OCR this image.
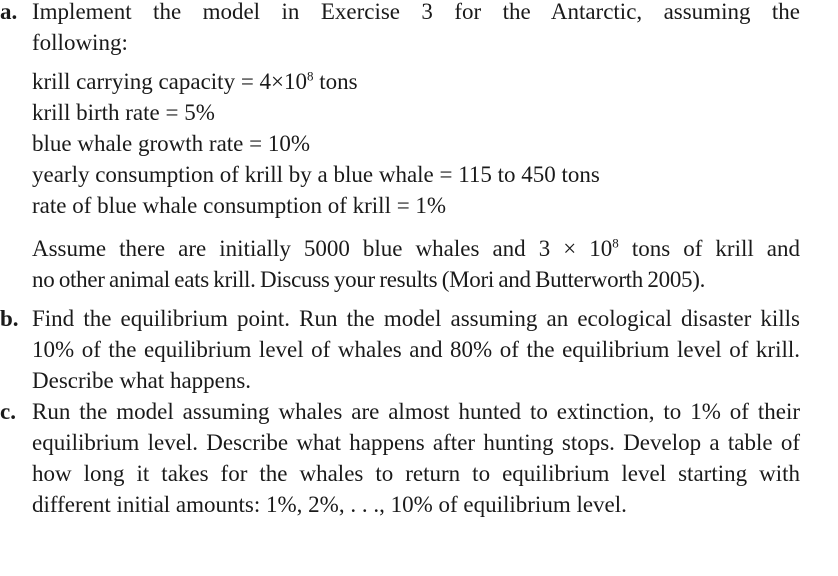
a. Implement the model in Exercise 3 for the Antarctic, assuming the
following:
krill carrying capacity = $4\times 10^8$ tons
krill birth rate = 5%
blue whale growth rate = 10%
yearly consumption of krill by a blue whale = 115 to 450 tons
rate of blue whale consumption of krill = 1%
Assume there are initially 5000 blue whales and $3 \times 10^8$ tons of krill and
no other animal eats krill. Discuss your results (Mori and Butterworth 2005).
b. Find the equilibrium point. Run the model assuming an ecological disaster kills 10% of the equilibrium level of whales and 80% of the equilibrium level of krill. Describe what happens.
c. Run the model assuming whales are almost hunted to extinction, to 1% of their equilibrium level. Describe what happens after hunting stops. Develop a table of how long it takes for the whales to return to equilibrium level starting with different initial amounts: 1%, 2%, . . ., 10% of equilibrium level.
